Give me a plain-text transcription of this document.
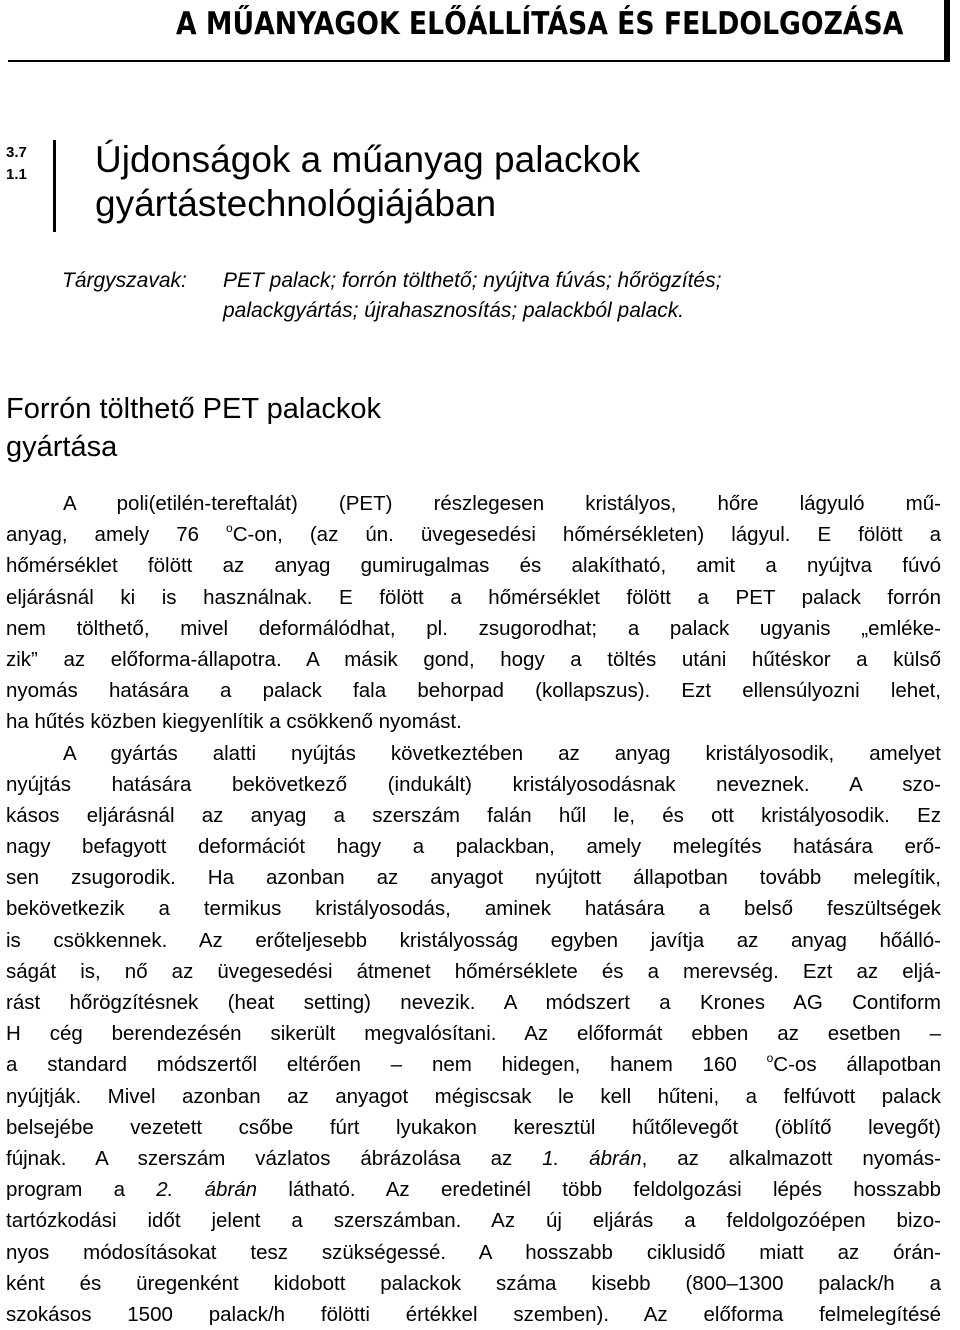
A MŰANYAGOK ELŐÁLLÍTÁSA ÉS FELDOLGOZÁSA
3.7
1.1	Újdonságok a műanyag palackok
gyártástechnológiájában
Tárgyszavak: PET palack; forrón tölthető; nyújtva fúvás; hőrögzítés;
palackgyártás; újrahasznosítás; palackból palack.
Forrón tölthető PET palackok
gyártása
A poli(etilén-tereftalát) (PET) részlegesen kristályos, hőre lágyuló mű-
anyag, amely 76 $^o$C-on, (az ún. üvegesedési hőmérsékleten) lágyul. E fölött a
hőmérséklet fölött az anyag gumirugalmas és alakítható, amit a nyújtva fúvó
eljárásnál ki is használnak. E fölött a hőmérséklet fölött a PET palack forrón
nem tölthető, mivel deformálódhat, pl. zsugorodhat; a palack ugyanis „emléke-
zik” az előforma-állapotra. A másik gond, hogy a töltés utáni hűtéskor a külső
nyomás hatására a palack fala behorpad (kollapszus). Ezt ellensúlyozni lehet,
ha hűtés közben kiegyenlítik a csökkenő nyomást.
A gyártás alatti nyújtás következtében az anyag kristályosodik, amelyet
nyújtás hatására bekövetkező (indukált) kristályosodásnak neveznek. A szo-
kásos eljárásnál az anyag a szerszám falán hűl le, és ott kristályosodik. Ez
nagy befagyott deformációt hagy a palackban, amely melegítés hatására erő-
sen zsugorodik. Ha azonban az anyagot nyújtott állapotban tovább melegítik,
bekövetkezik a termikus kristályosodás, aminek hatására a belső feszültségek
is csökkennek. Az erőteljesebb kristályosság egyben javítja az anyag hőálló-
ságát is, nő az üvegesedési átmenet hőmérséklete és a merevség. Ezt az eljá-
rást hőrögzítésnek (heat setting) nevezik. A módszert a Krones AG Contiform
H cég berendezésén sikerült megvalósítani. Az előformát ebben az esetben –
a standard módszertől eltérően – nem hidegen, hanem 160 $^o$C-os állapotban
nyújtják. Mivel azonban az anyagot mégiscsak le kell hűteni, a felfúvott palack
belsejébe vezetett csőbe fúrt lyukakon keresztül hűtőlevegőt (öblítő levegőt)
fújnak. A szerszám vázlatos ábrázolása az 1. ábrán, az alkalmazott nyomás-
program a 2. ábrán látható. Az eredetinél több feldolgozási lépés hosszabb
tartózkodási időt jelent a szerszámban. Az új eljárás a feldolgozóépen bizo-
nyos módosításokat tesz szükségessé. A hosszabb ciklusidő miatt az órán-
ként és üregenként kidobott palackok száma kisebb (800–1300 palack/h a
szokásos 1500 palack/h fölötti értékkel szemben). Az előforma felmelegítésé
